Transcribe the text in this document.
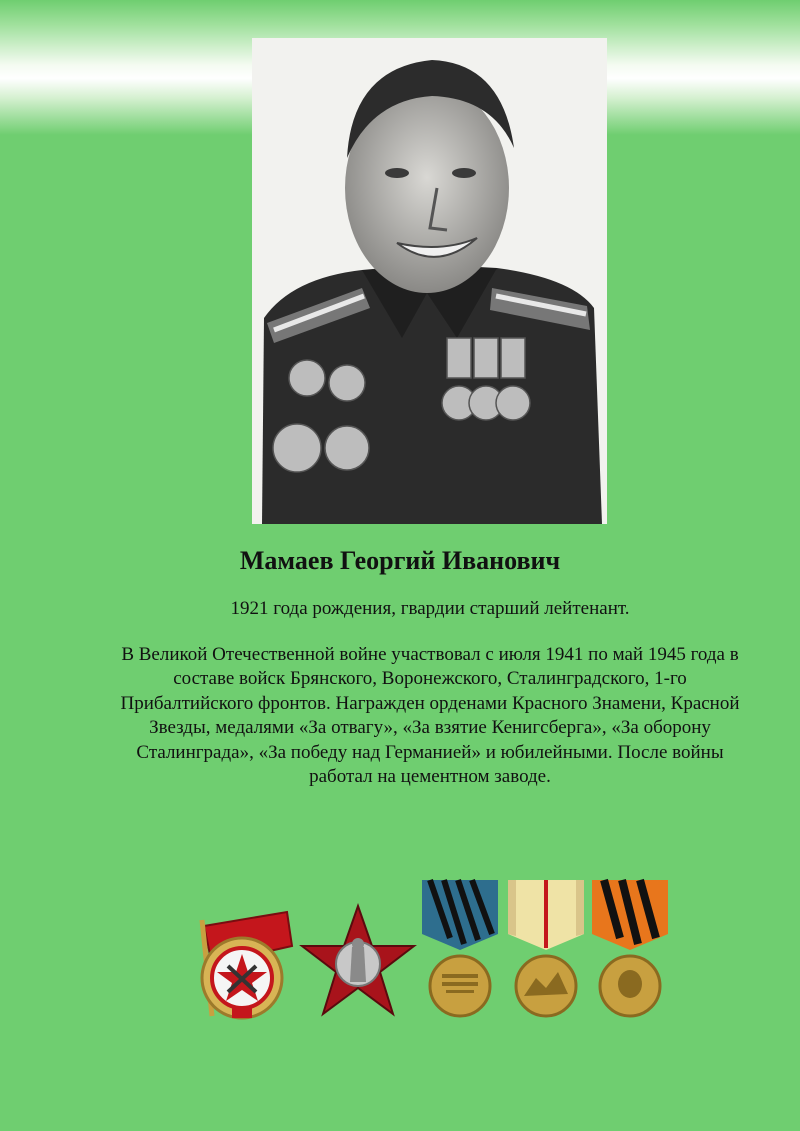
Мамаев Георгий Иванович
1921 года рождения, гвардии старший лейтенант.
В Великой Отечественной войне участвовал с июля 1941 по май 1945 года в составе войск Брянского, Воронежского, Сталинградского, 1-го Прибалтийского фронтов. Награжден орденами Красного Знамени, Красной Звезды, медалями «За отвагу», «За взятие Кенигсберга», «За оборону Сталинграда», «За победу над Германией» и юбилейными. После войны работал на цементном заводе.
